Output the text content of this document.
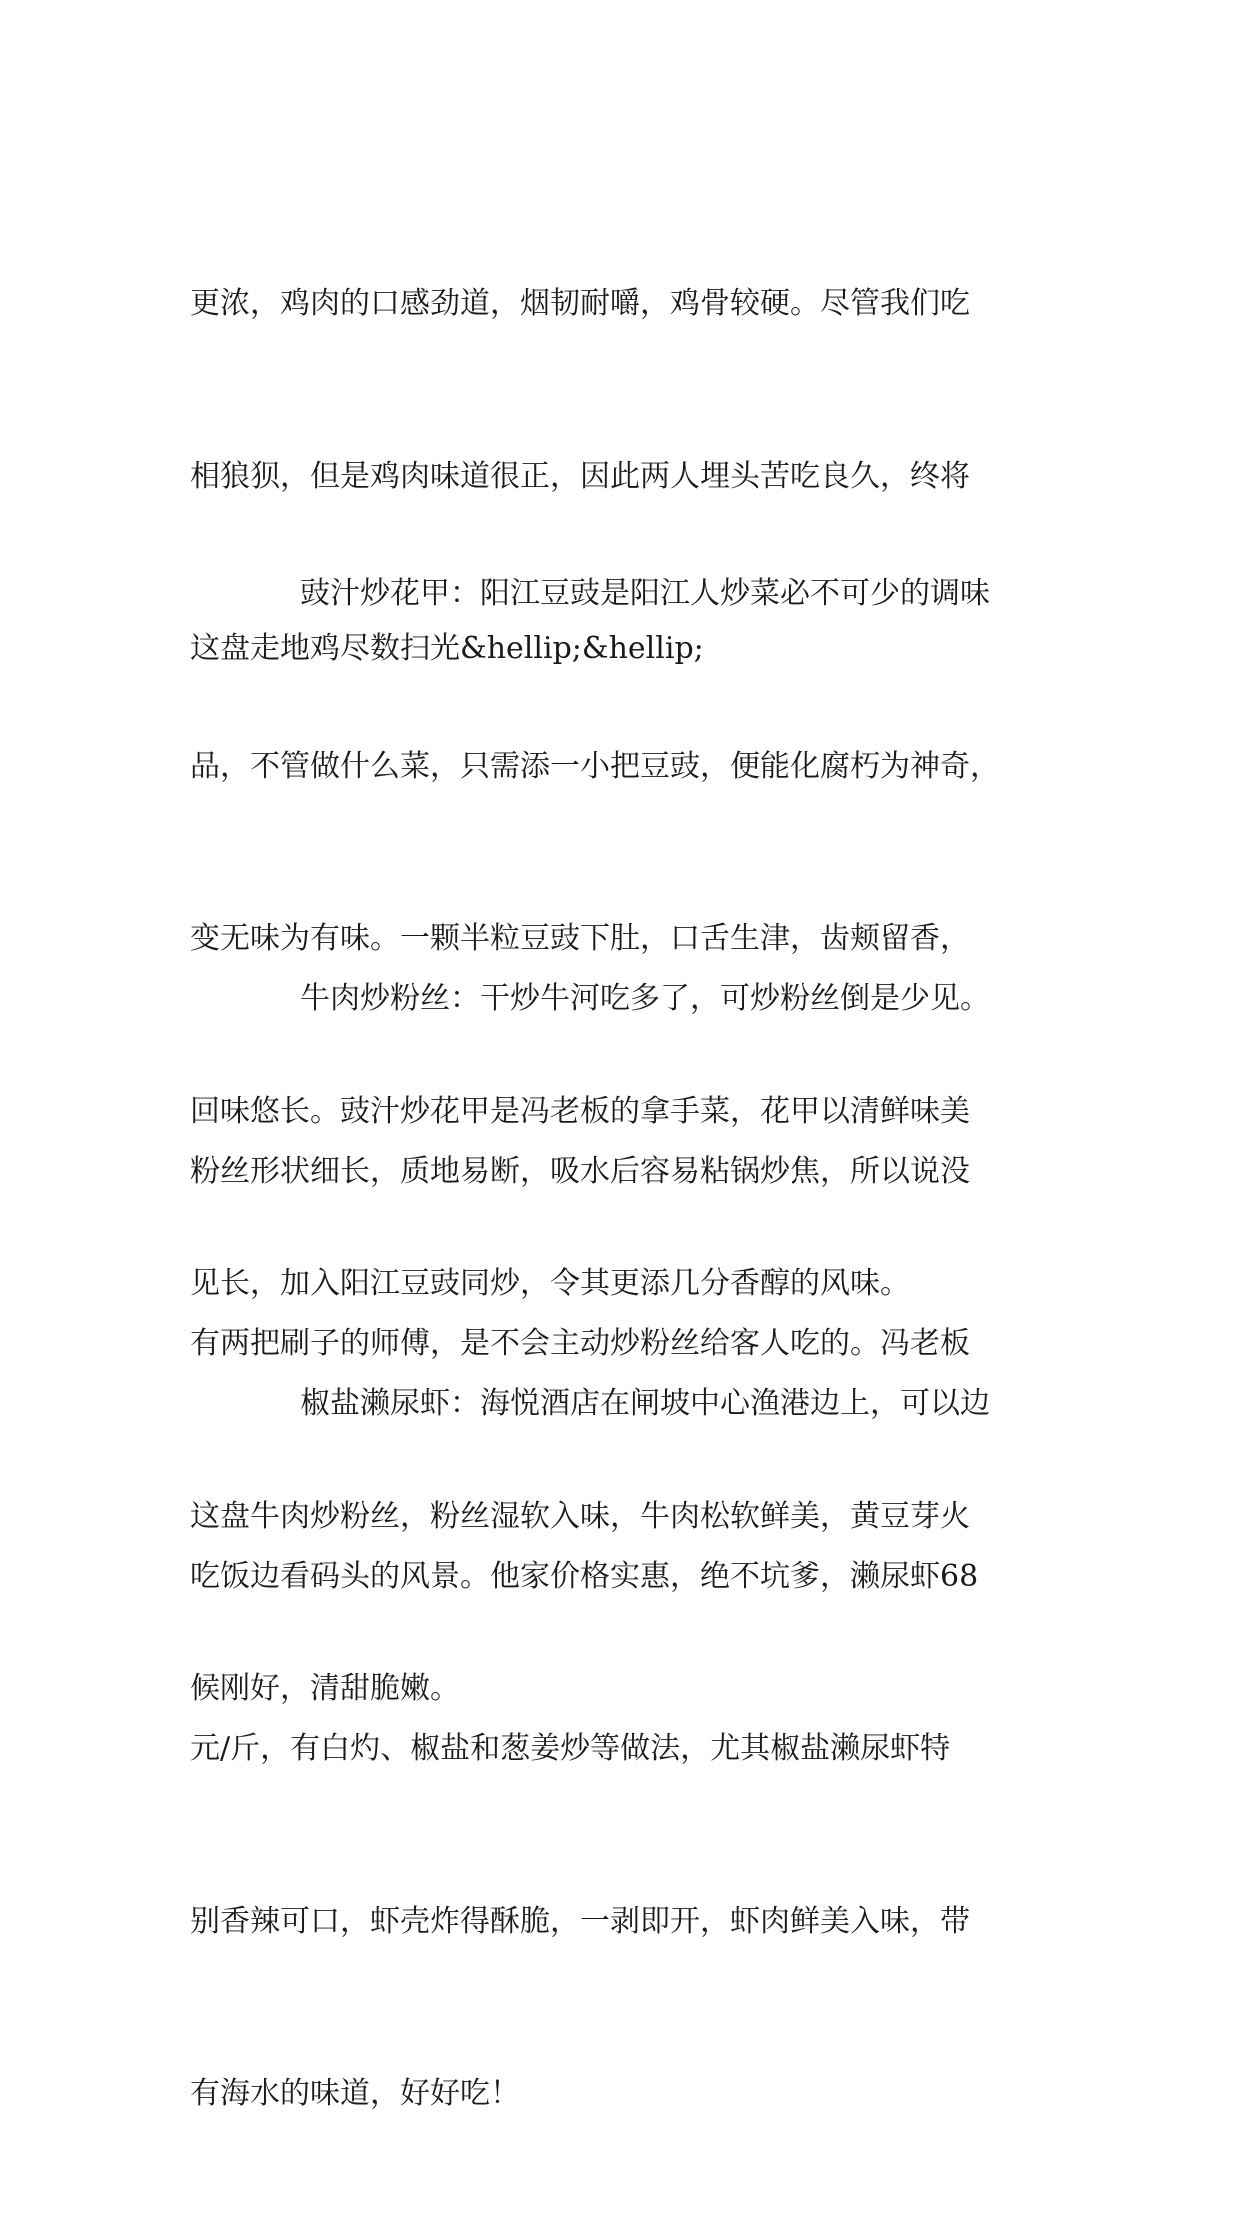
更浓，鸡肉的口感劲道，烟韧耐嚼，鸡骨较硬。尽管我们吃

相狼狈，但是鸡肉味道很正，因此两人埋头苦吃良久，终将

这盘走地鸡尽数扫光&hellip;&hellip;

豉汁炒花甲：阳江豆豉是阳江人炒菜必不可少的调味

品，不管做什么菜，只需添一小把豆豉，便能化腐朽为神奇，

变无味为有味。一颗半粒豆豉下肚，口舌生津，齿颊留香，

回味悠长。豉汁炒花甲是冯老板的拿手菜，花甲以清鲜味美

见长，加入阳江豆豉同炒，令其更添几分香醇的风味。

牛肉炒粉丝：干炒牛河吃多了，可炒粉丝倒是少见。

粉丝形状细长，质地易断，吸水后容易粘锅炒焦，所以说没

有两把刷子的师傅，是不会主动炒粉丝给客人吃的。冯老板

这盘牛肉炒粉丝，粉丝湿软入味，牛肉松软鲜美，黄豆芽火

候刚好，清甜脆嫩。

椒盐濑尿虾：海悦酒店在闸坡中心渔港边上，可以边

吃饭边看码头的风景。他家价格实惠，绝不坑爹，濑尿虾68

元/斤，有白灼、椒盐和葱姜炒等做法，尤其椒盐濑尿虾特

别香辣可口，虾壳炸得酥脆，一剥即开，虾肉鲜美入味，带

有海水的味道，好好吃！
